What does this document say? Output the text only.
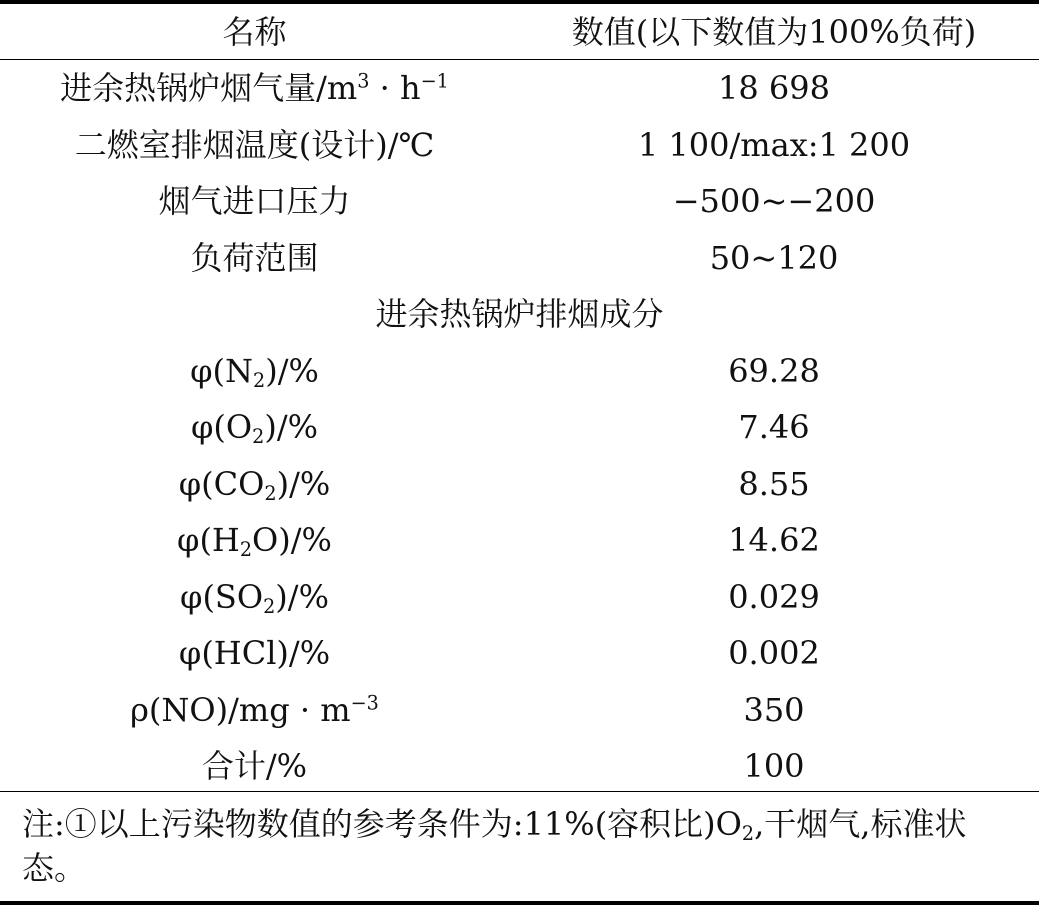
名称	数值(以下数值为100%负荷)
进余热锅炉烟气量$/m^3 \cdot h^{-1}$	18 698
二燃室排烟温度(设计)/℃	1 100/max:1 200
烟气进口压力	−500~−200
负荷范围	50~120
进余热锅炉排烟成分	
$\varphi(N_2)/\%$	69.28
$\varphi(O_2)/\%$	7.46
$\varphi(CO_2)/\%$	8.55
$\varphi(H_2O)/\%$	14.62
$\varphi(SO_2)/\%$	0.029
φ(HCl)/%	0.002
$\rho(NO)/mg \cdot m^{-3}$	350
合计/%	100
注:①以上污染物数值的参考条件为:11%(容积比)$O_2$,干烟气,标准状态。
